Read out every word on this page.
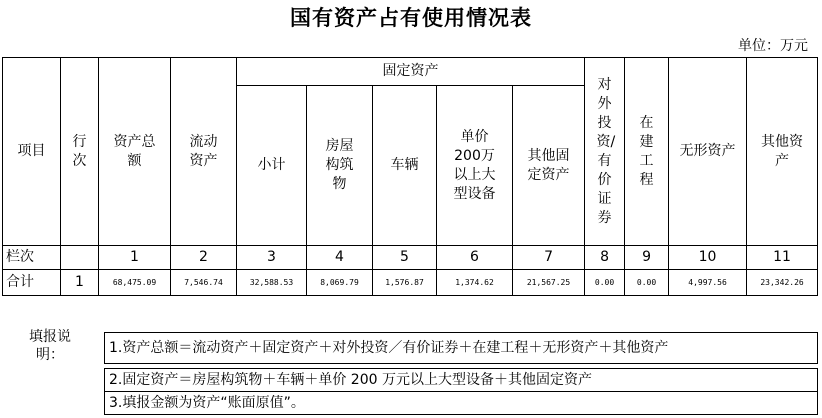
国有资产占有使用情况表
单位：万元
项目	行次	资产总额	流动资产	固定资产					对外投资/有价证券	在建工程	无形资产	其他资产
				小计	房屋构筑物	车辆	单价200万以上大型设备	其他固定资产				
栏次		1	2	3	4	5	6	7	8	9	10	11
合计	1	68,475.09	7,546.74	32,588.53	8,069.79	1,576.87	1,374.62	21,567.25	0.00	0.00	4,997.56	23,342.26
填报说明：	1.资产总额＝流动资产＋固定资产＋对外投资／有价证券＋在建工程＋无形资产＋其他资产
2.固定资产＝房屋构筑物＋车辆＋单价 200 万元以上大型设备＋其他固定资产
3.填报金额为资产“账面原值”。
